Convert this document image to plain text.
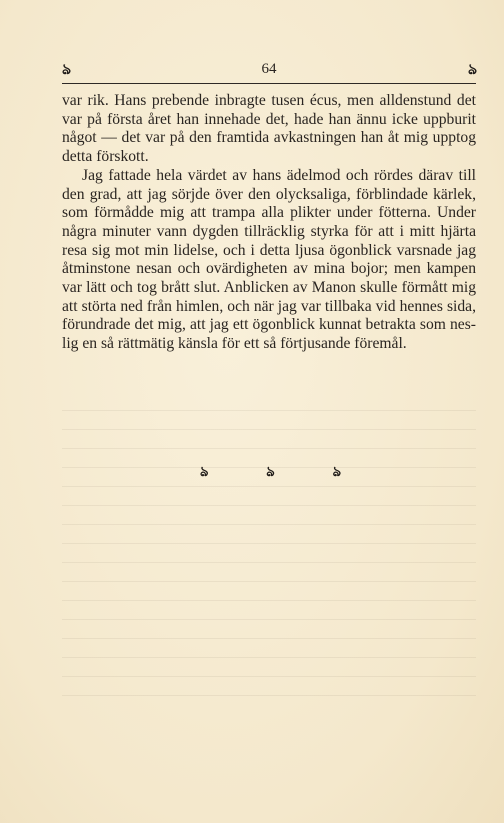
ঌ	64	ঌ

var rik. Hans prebende inbragte tusen écus, men alldenstund det var på första året han innehade det, hade han ännu icke uppburit något — det var på den framtida avkastningen han åt mig upptog detta förskott.

Jag fattade hela värdet av hans ädelmod och rördes därav till den grad, att jag sörjde över den olycksaliga, förblindade kärlek, som förmådde mig att trampa alla plikter under fötterna. Under några minuter vann dygden tillräcklig styrka för att i mitt hjärta resa sig mot min lidelse, och i detta ljusa ögonblick varsnade jag åtminstone nesan och ovärdigheten av mina bojor; men kampen var lätt och tog brått slut. Anblicken av Manon skulle förmått mig att störta ned från himlen, och när jag var tillbaka vid hennes sida, förundrade det mig, att jag ett ögonblick kunnat betrakta som neslig en så rättmätig känsla för ett så förtjusande föremål.

ঌ	ঌ	ঌ
